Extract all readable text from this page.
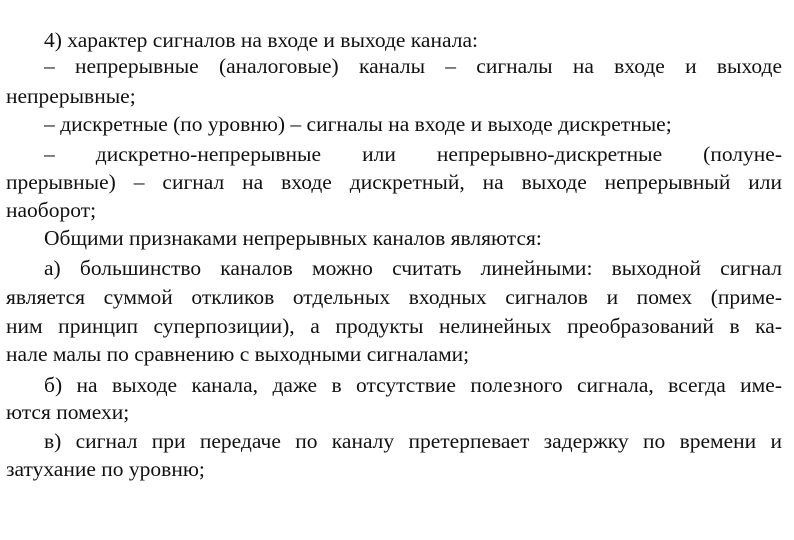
4) характер сигналов на входе и выходе канала:
– непрерывные (аналоговые) каналы – сигналы на входе и выходе
непрерывные;
– дискретные (по уровню) – сигналы на входе и выходе дискретные;
– дискретно-непрерывные или непрерывно-дискретные (полуне-
прерывные) – сигнал на входе дискретный, на выходе непрерывный или
наоборот;
Общими признаками непрерывных каналов являются:
а) большинство каналов можно считать линейными: выходной сигнал
является суммой откликов отдельных входных сигналов и помех (приме-
ним принцип суперпозиции), а продукты нелинейных преобразований в ка-
нале малы по сравнению с выходными сигналами;
б) на выходе канала, даже в отсутствие полезного сигнала, всегда име-
ются помехи;
в) сигнал при передаче по каналу претерпевает задержку по времени и
затухание по уровню;
